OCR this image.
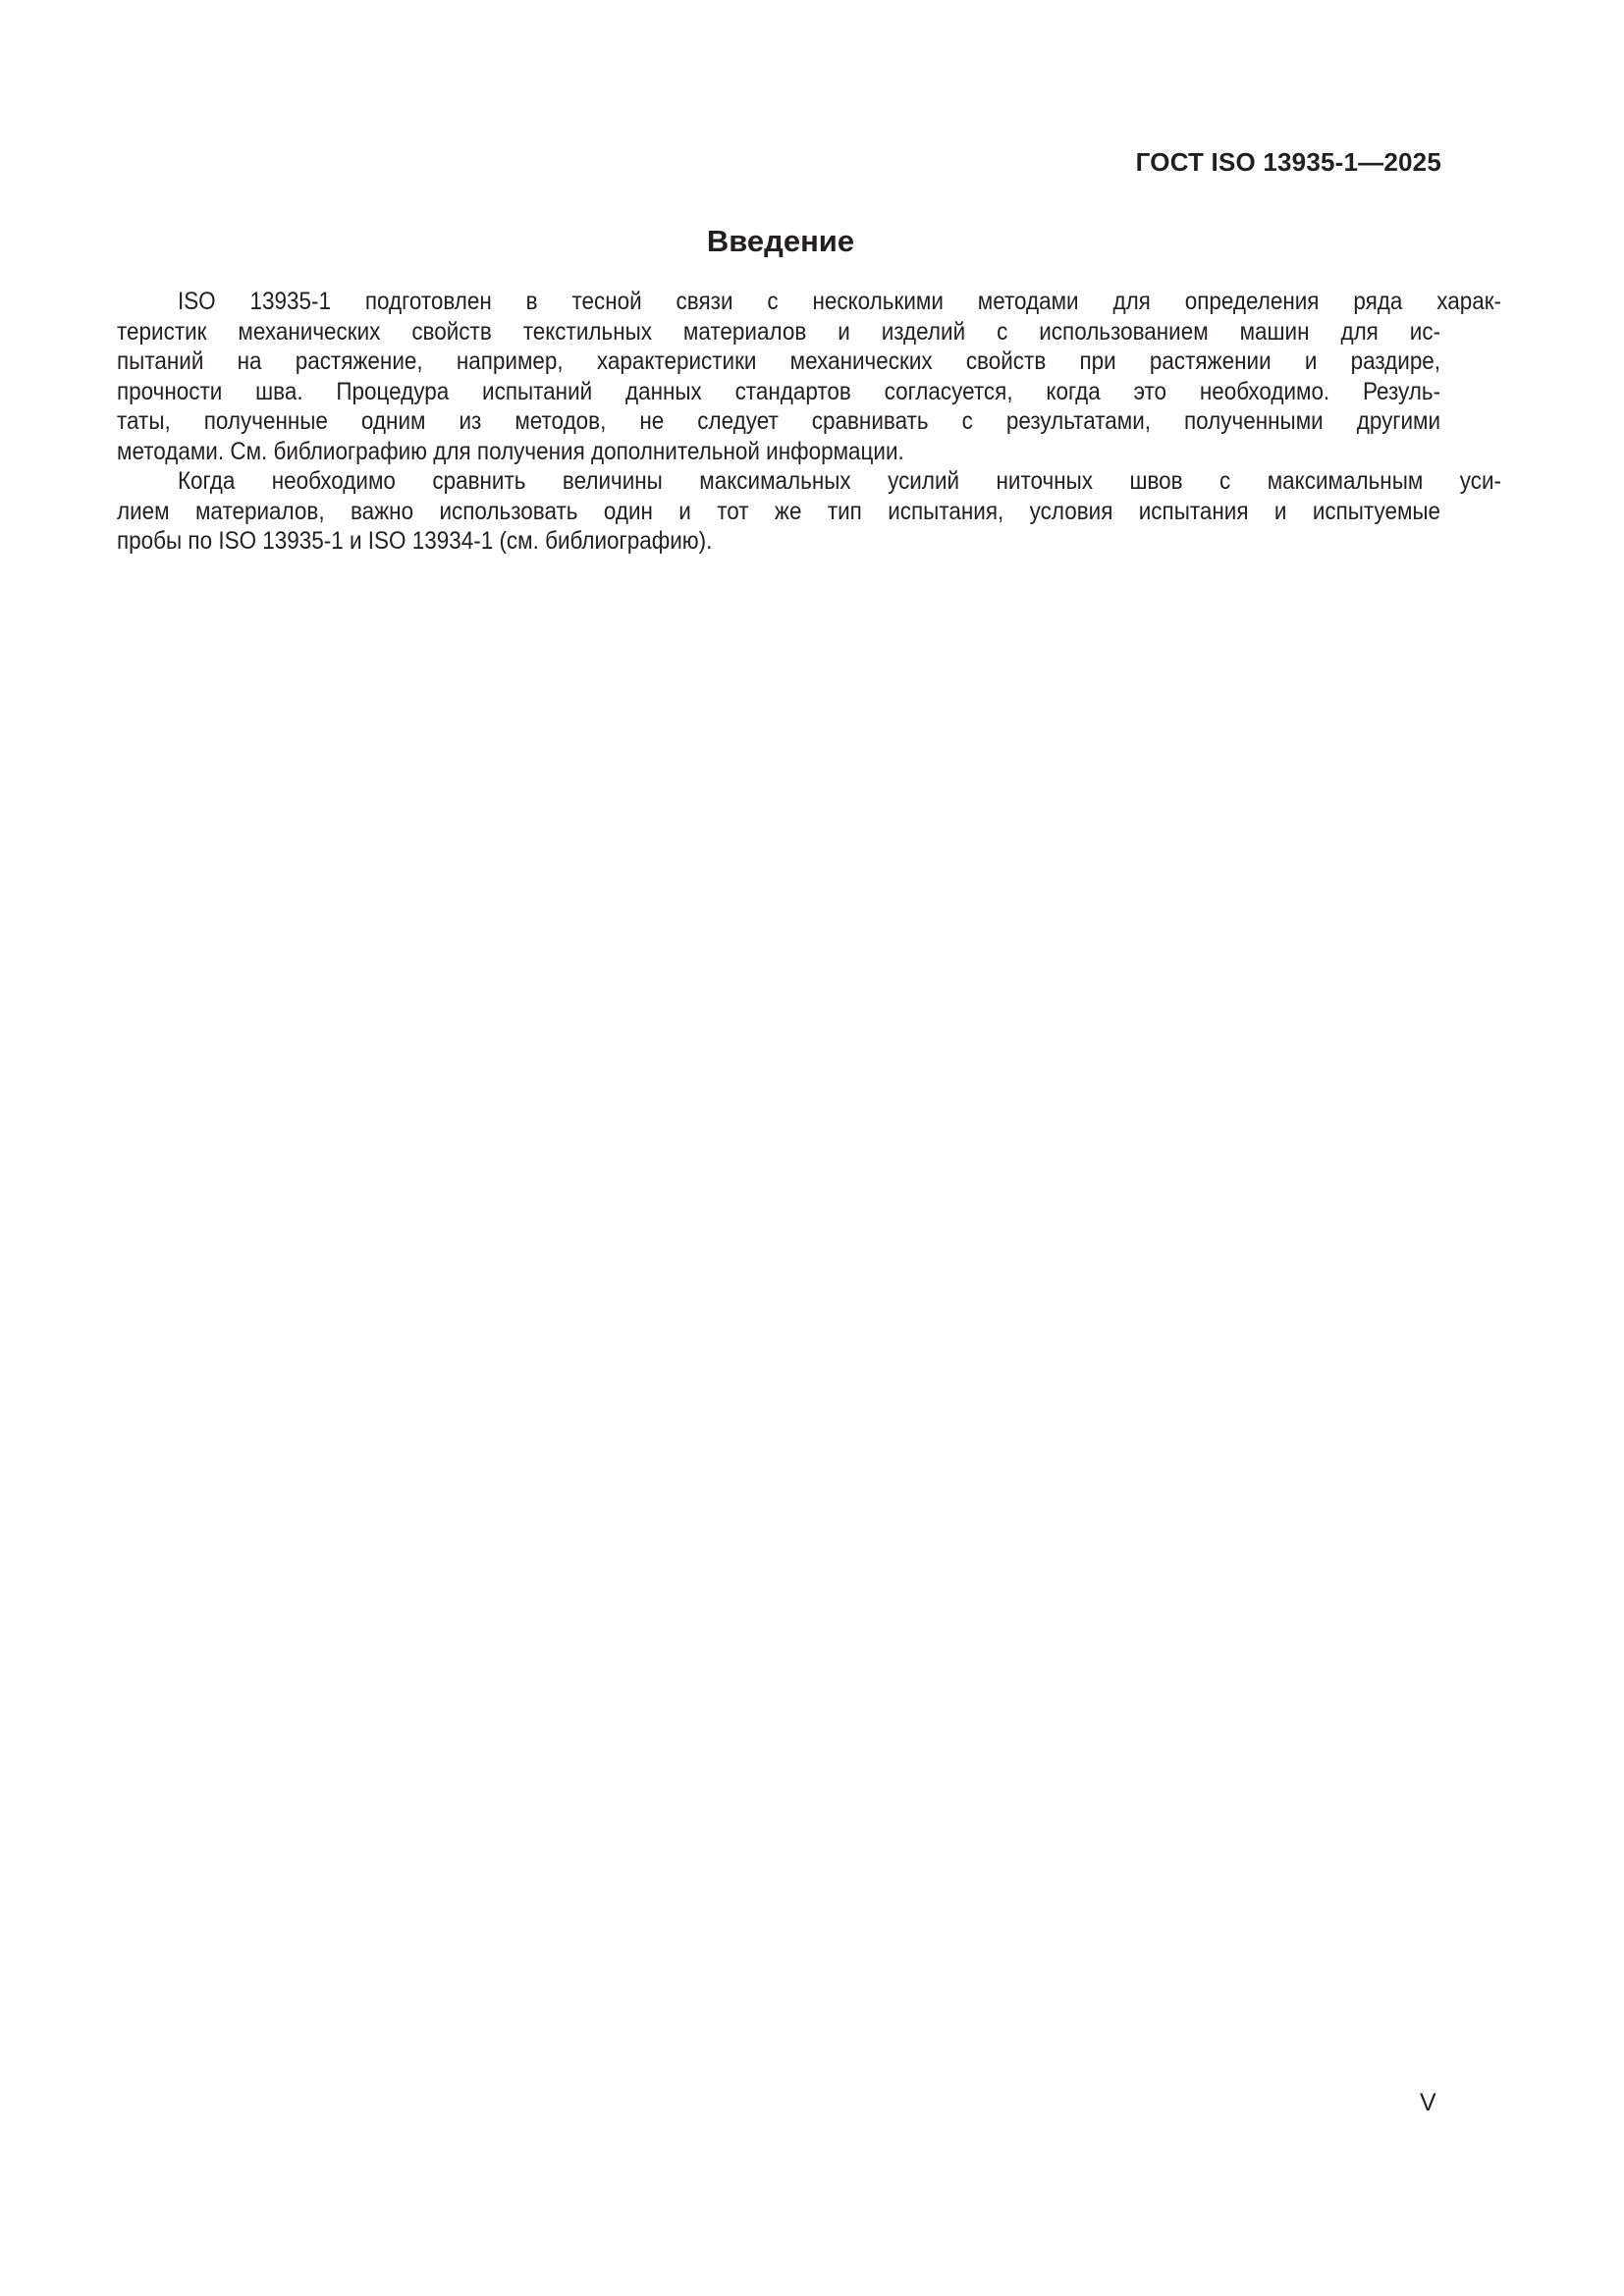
ГОСТ ISO 13935-1—2025
Введение
ISO 13935-1 подготовлен в тесной связи с несколькими методами для определения ряда харак-
теристик механических свойств текстильных материалов и изделий с использованием машин для ис-
пытаний на растяжение, например, характеристики механических свойств при растяжении и раздире,
прочности шва. Процедура испытаний данных стандартов согласуется, когда это необходимо. Резуль-
таты, полученные одним из методов, не следует сравнивать с результатами, полученными другими
методами. См. библиографию для получения дополнительной информации.
Когда необходимо сравнить величины максимальных усилий ниточных швов с максимальным уси-
лием материалов, важно использовать один и тот же тип испытания, условия испытания и испытуемые
пробы по ISO 13935-1 и ISO 13934-1 (см. библиографию).
V
